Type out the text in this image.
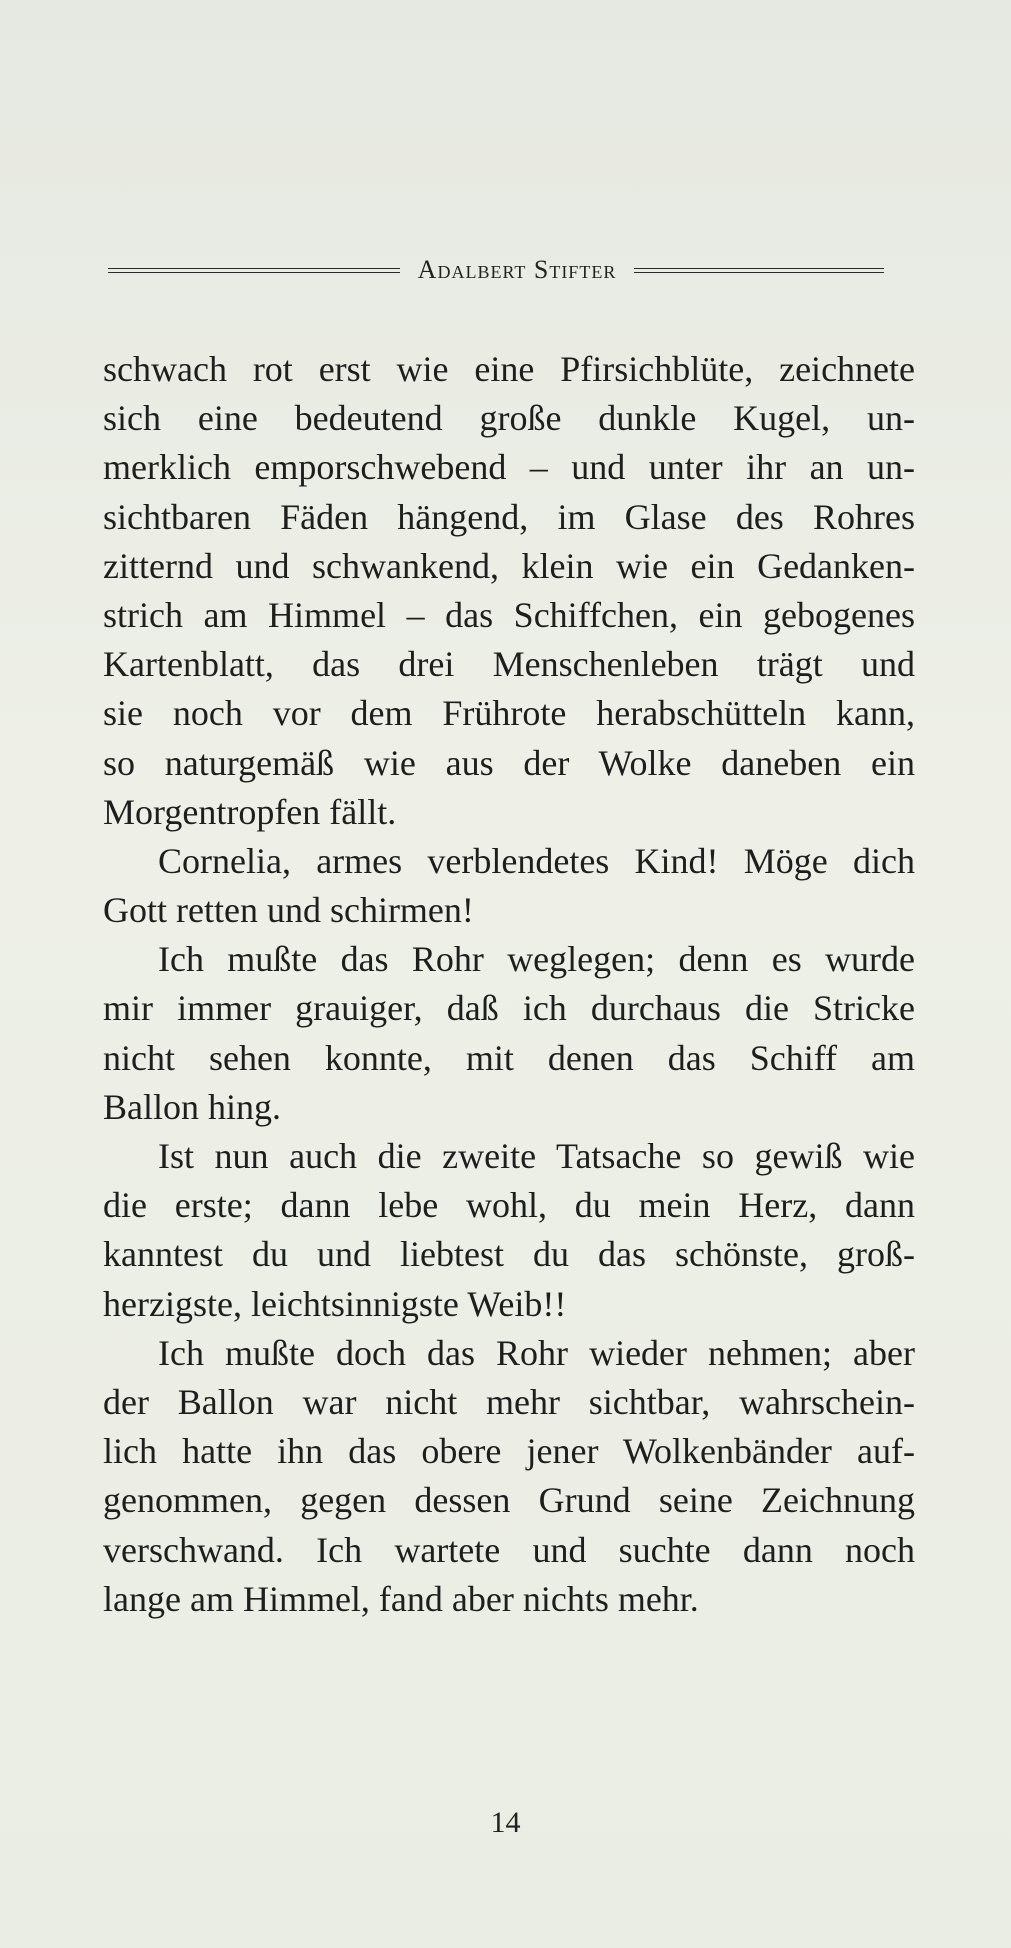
Adalbert Stifter
schwach rot erst wie eine Pfirsichblüte, zeichnete
sich eine bedeutend große dunkle Kugel, un-
merklich emporschwebend – und unter ihr an un-
sichtbaren Fäden hängend, im Glase des Rohres
zitternd und schwankend, klein wie ein Gedanken-
strich am Himmel – das Schiffchen, ein gebogenes
Kartenblatt, das drei Menschenleben trägt und
sie noch vor dem Frührote herabschütteln kann,
so naturgemäß wie aus der Wolke daneben ein
Morgentropfen fällt.
Cornelia, armes verblendetes Kind! Möge dich
Gott retten und schirmen!
Ich mußte das Rohr weglegen; denn es wurde
mir immer grauiger, daß ich durchaus die Stricke
nicht sehen konnte, mit denen das Schiff am
Ballon hing.
Ist nun auch die zweite Tatsache so gewiß wie
die erste; dann lebe wohl, du mein Herz, dann
kanntest du und liebtest du das schönste, groß-
herzigste, leichtsinnigste Weib!!
Ich mußte doch das Rohr wieder nehmen; aber
der Ballon war nicht mehr sichtbar, wahrschein-
lich hatte ihn das obere jener Wolkenbänder auf-
genommen, gegen dessen Grund seine Zeichnung
verschwand. Ich wartete und suchte dann noch
lange am Himmel, fand aber nichts mehr.
14
